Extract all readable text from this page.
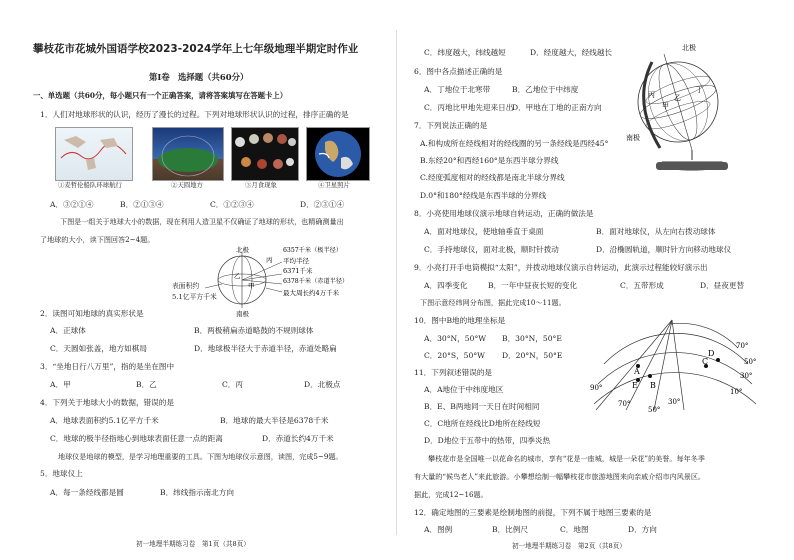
攀枝花市花城外国语学校2023-2024学年上七年级地理半期定时作业
第Ⅰ卷　选择题（共60分）
一、单选题（共60分，每小题只有一个正确答案，请将答案填写在答题卡上）
1．人们对地球形状的认识，经历了漫长的过程。下列对地球形状认识的过程，排序正确的是
①麦哲伦船队环球航行	②天圆地方	③月食现象	④卫星照片
A．③②①④	B．②①③④	C．①②③④	D．②③①④
下图是一组关于地球大小的数据，现在利用人造卫星不仅确证了地球的形状，也精确测量出
了地球的大小，读下图回答2~4题。
北极
南极
丙
乙
甲
6357千米（极半径）
平均半径
6371千米
6378千米（赤道半径）
最大周长约4万千米
表面积约
5.1亿平方千米
2．读图可知地球的真实形状是
A．正球体	B．两极稍扁赤道略鼓的不规则球体
C．天圆如张盖，地方如棋局	D．地球极半径大于赤道半径，赤道处略扁
3．“坐地日行八万里”，指的是坐在图中
A．甲	B．乙	C．丙	D．北极点
4．下列关于地球大小的数据，错误的是
A．地球表面积约5.1亿平方千米	B．地球的最大半径是6378千米
C．地球的极半径指地心到地球表面任意一点的距离	D．赤道长约4万千米
地球仪是地球的模型，是学习地理重要的工具。下图为地球仪示意图，读图，完成5~9题。
5．地球仪上
A．每一条经线都是圆	B．纬线指示南北方向
初一地理半期练习卷　第1页（共8页）
C．纬度越大，纬线越短	D．经度越大，经线越长
6．图中各点描述正确的是
A．丁地位于北寒带	B．乙地位于中纬度
C．丙地比甲地先迎来日出
D．甲地在丁地的正南方向
7．下列说法正确的是
A.和构成所在经线相对的经线圈的另一条经线是西经45°
B.东经20°和西经160°是东西半球分界线
C.经度弧度相对的经线都是南北半球分界线
D.0°和180°经线是东西半球的分界线
北极
南极
丙
甲
乙
丁
8．小亮使用地球仪演示地球自转运动，正确的做法是
A．面对地球仪，使地轴垂直于桌面	B．面对地球仪，从左向右拨动球体
C．手持地球仪，面对北极，顺时针拨动	D．沿椭圆轨道，顺时针方向移动地球仪
9．小亮打开手电筒模拟“太阳”，并拨动地球仪演示自转运动，此演示过程能较好演示出
A．四季变化	B．一年中昼夜长短的变化	C．五带形成	D．昼夜更替
下图示意经纬网分布图，据此完成10～11题。
10．图中B地的地理坐标是
A．30°N，50°W B．30°N，50°E
C．20°S，50°W D．20°N，50°E
11．下列叙述错误的是
A．A地位于中纬度地区
B．E、B两地同一天日在时间相同
C．C地所在经线比D地所在经线短
D．D地位于五带中的热带，四季炎热
A
B
C
D
E
70°
50°
30°
10°
90°
70°
50°
30°
攀枝花市是全国唯一以花命名的城市，享有“花是一座城，城是一朵花”的美誉。每年冬季
有大量的“候鸟老人”来此旅游。小攀想绘制一幅攀枝花市旅游地图来向亲戚介绍市内风景区。
据此，完成12~16题。
12．确定地图的三要素是绘制地图的前提，下列不属于地图三要素的是
A．图例	B．比例尺	C．地图	D．方向
初一地理半期练习卷　第2页（共8页）
